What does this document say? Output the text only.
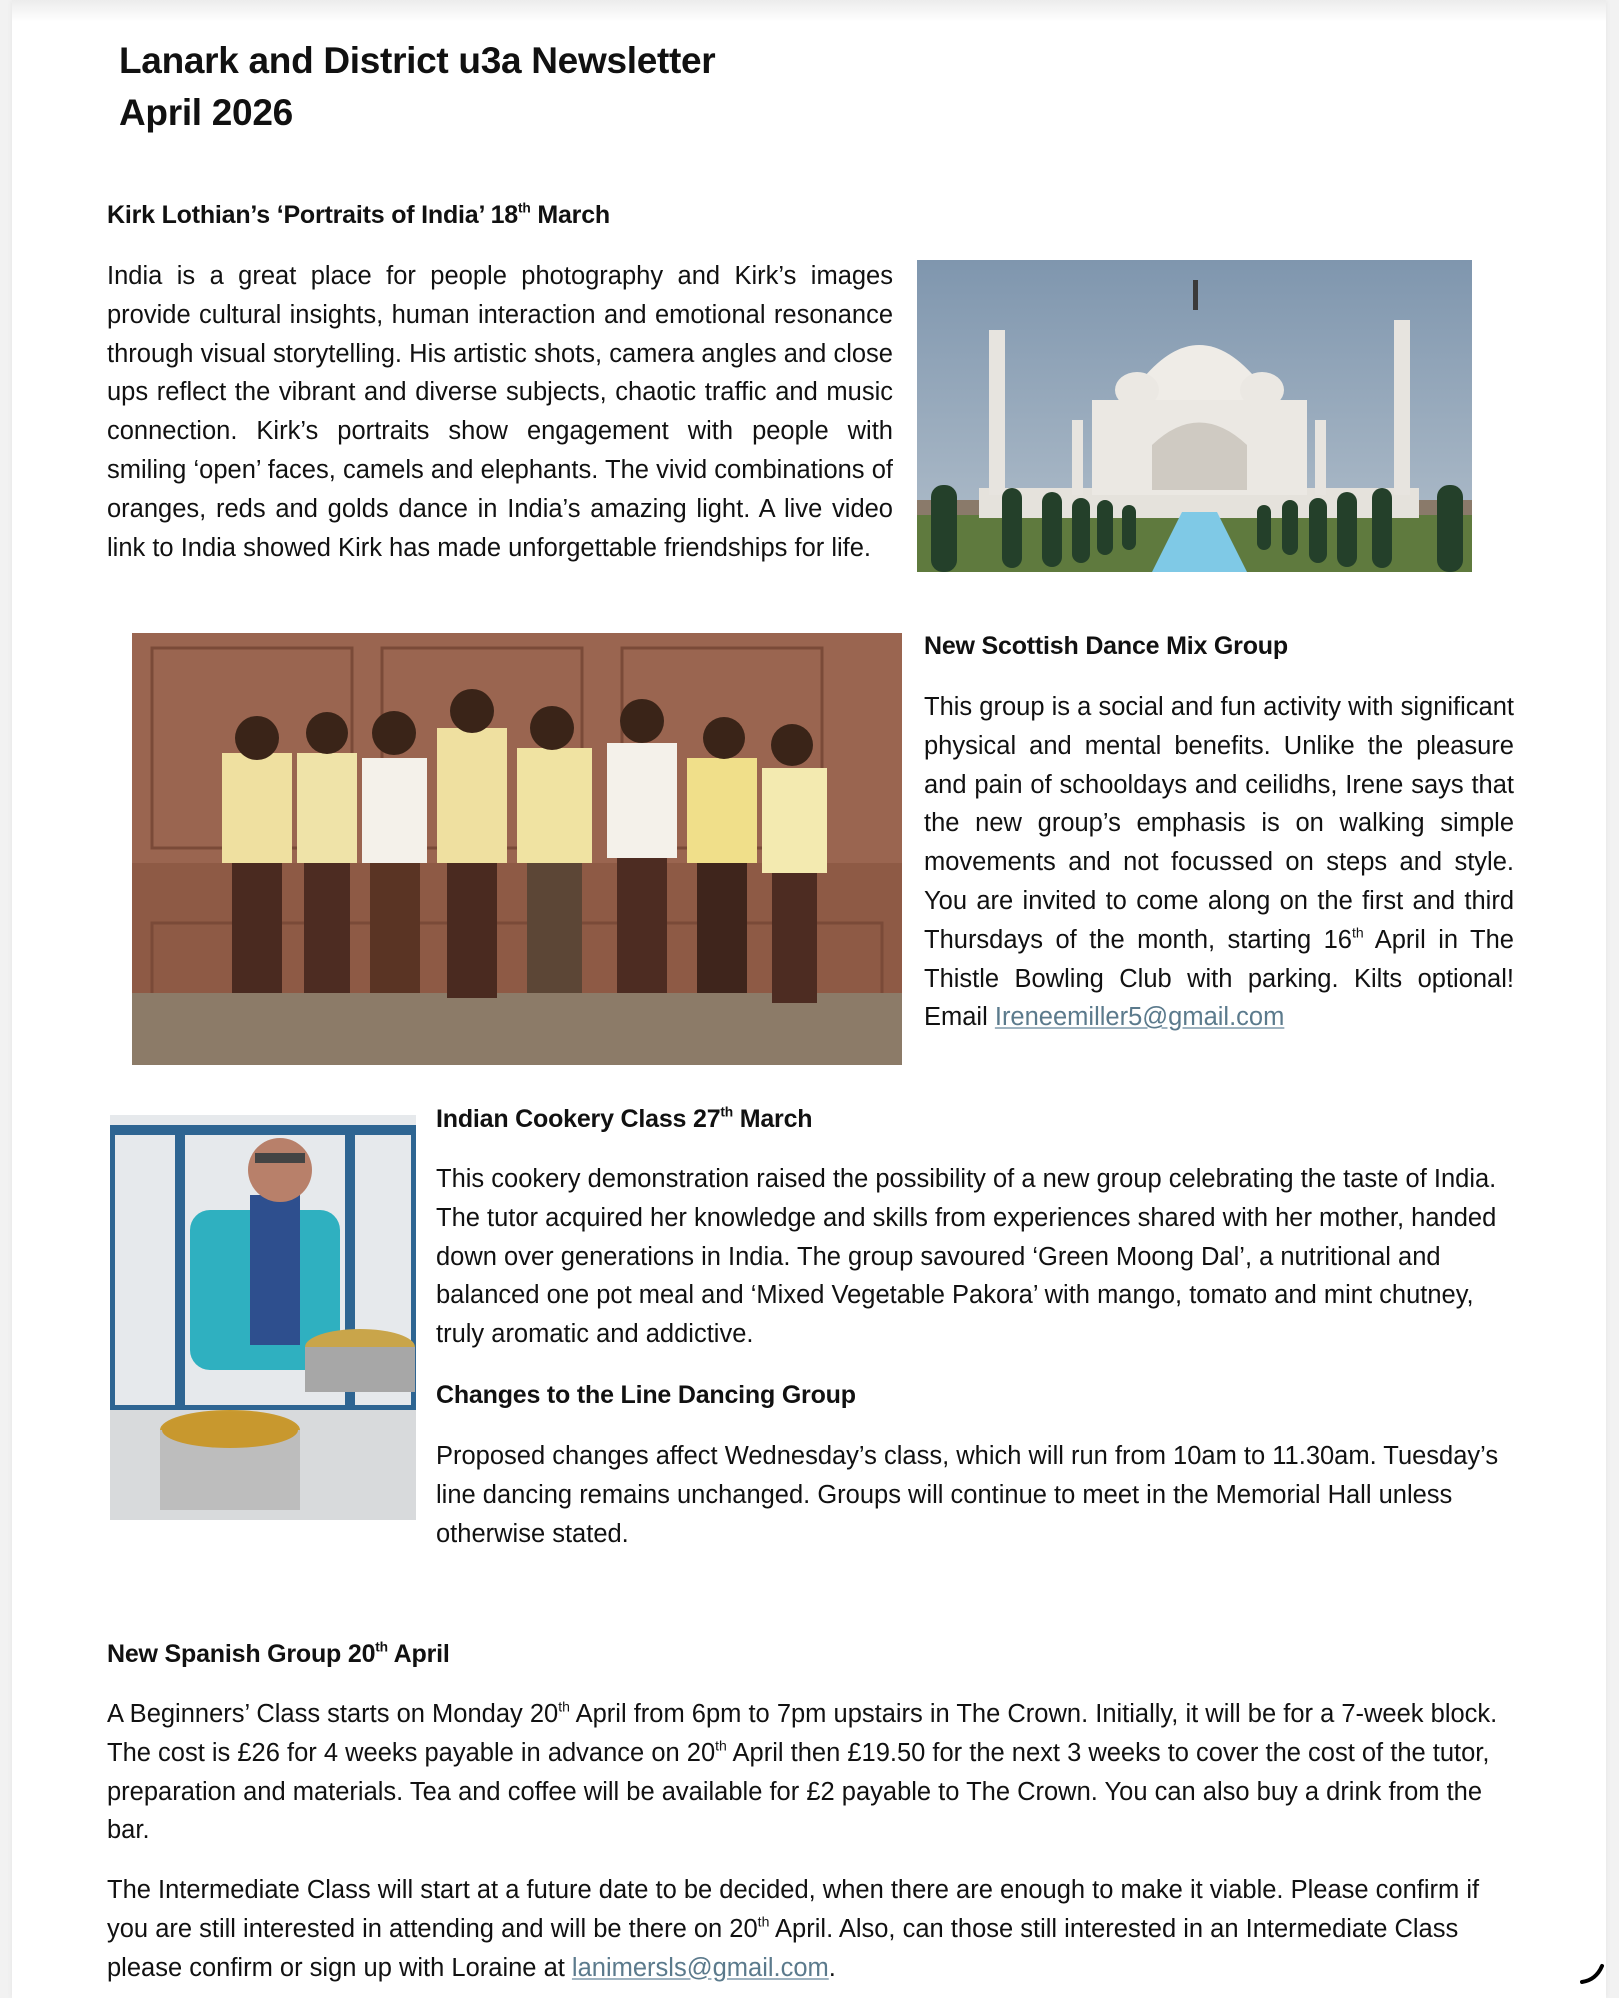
Lanark and District u3a Newsletter
April 2026
Kirk Lothian’s ‘Portraits of India’ 18th March
India is a great place for people photography and Kirk’s images provide cultural insights, human interaction and emotional resonance through visual storytelling. His artistic shots, camera angles and close ups reflect the vibrant and diverse subjects, chaotic traffic and music connection. Kirk’s portraits show engagement with people with smiling ‘open’ faces, camels and elephants. The vivid combinations of oranges, reds and golds dance in India’s amazing light. A live video link to India showed Kirk has made unforgettable friendships for life.
New Scottish Dance Mix Group
This group is a social and fun activity with significant physical and mental benefits. Unlike the pleasure and pain of schooldays and ceilidhs, Irene says that the new group’s emphasis is on walking simple movements and not focussed on steps and style. You are invited to come along on the first and third Thursdays of the month, starting 16th April in The Thistle Bowling Club with parking. Kilts optional! Email Ireneemiller5@gmail.com
Indian Cookery Class 27th March
This cookery demonstration raised the possibility of a new group celebrating the taste of India. The tutor acquired her knowledge and skills from experiences shared with her mother, handed down over generations in India. The group savoured ‘Green Moong Dal’, a nutritional and balanced one pot meal and ‘Mixed Vegetable Pakora’ with mango, tomato and mint chutney, truly aromatic and addictive.
Changes to the Line Dancing Group
Proposed changes affect Wednesday’s class, which will run from 10am to 11.30am. Tuesday’s line dancing remains unchanged. Groups will continue to meet in the Memorial Hall unless otherwise stated.
New Spanish Group 20th April
A Beginners’ Class starts on Monday 20th April from 6pm to 7pm upstairs in The Crown. Initially, it will be for a 7-week block. The cost is £26 for 4 weeks payable in advance on 20th April then £19.50 for the next 3 weeks to cover the cost of the tutor, preparation and materials. Tea and coffee will be available for £2 payable to The Crown. You can also buy a drink from the bar.
The Intermediate Class will start at a future date to be decided, when there are enough to make it viable. Please confirm if you are still interested in attending and will be there on 20th April. Also, can those still interested in an Intermediate Class please confirm or sign up with Loraine at lanimersls@gmail.com.
